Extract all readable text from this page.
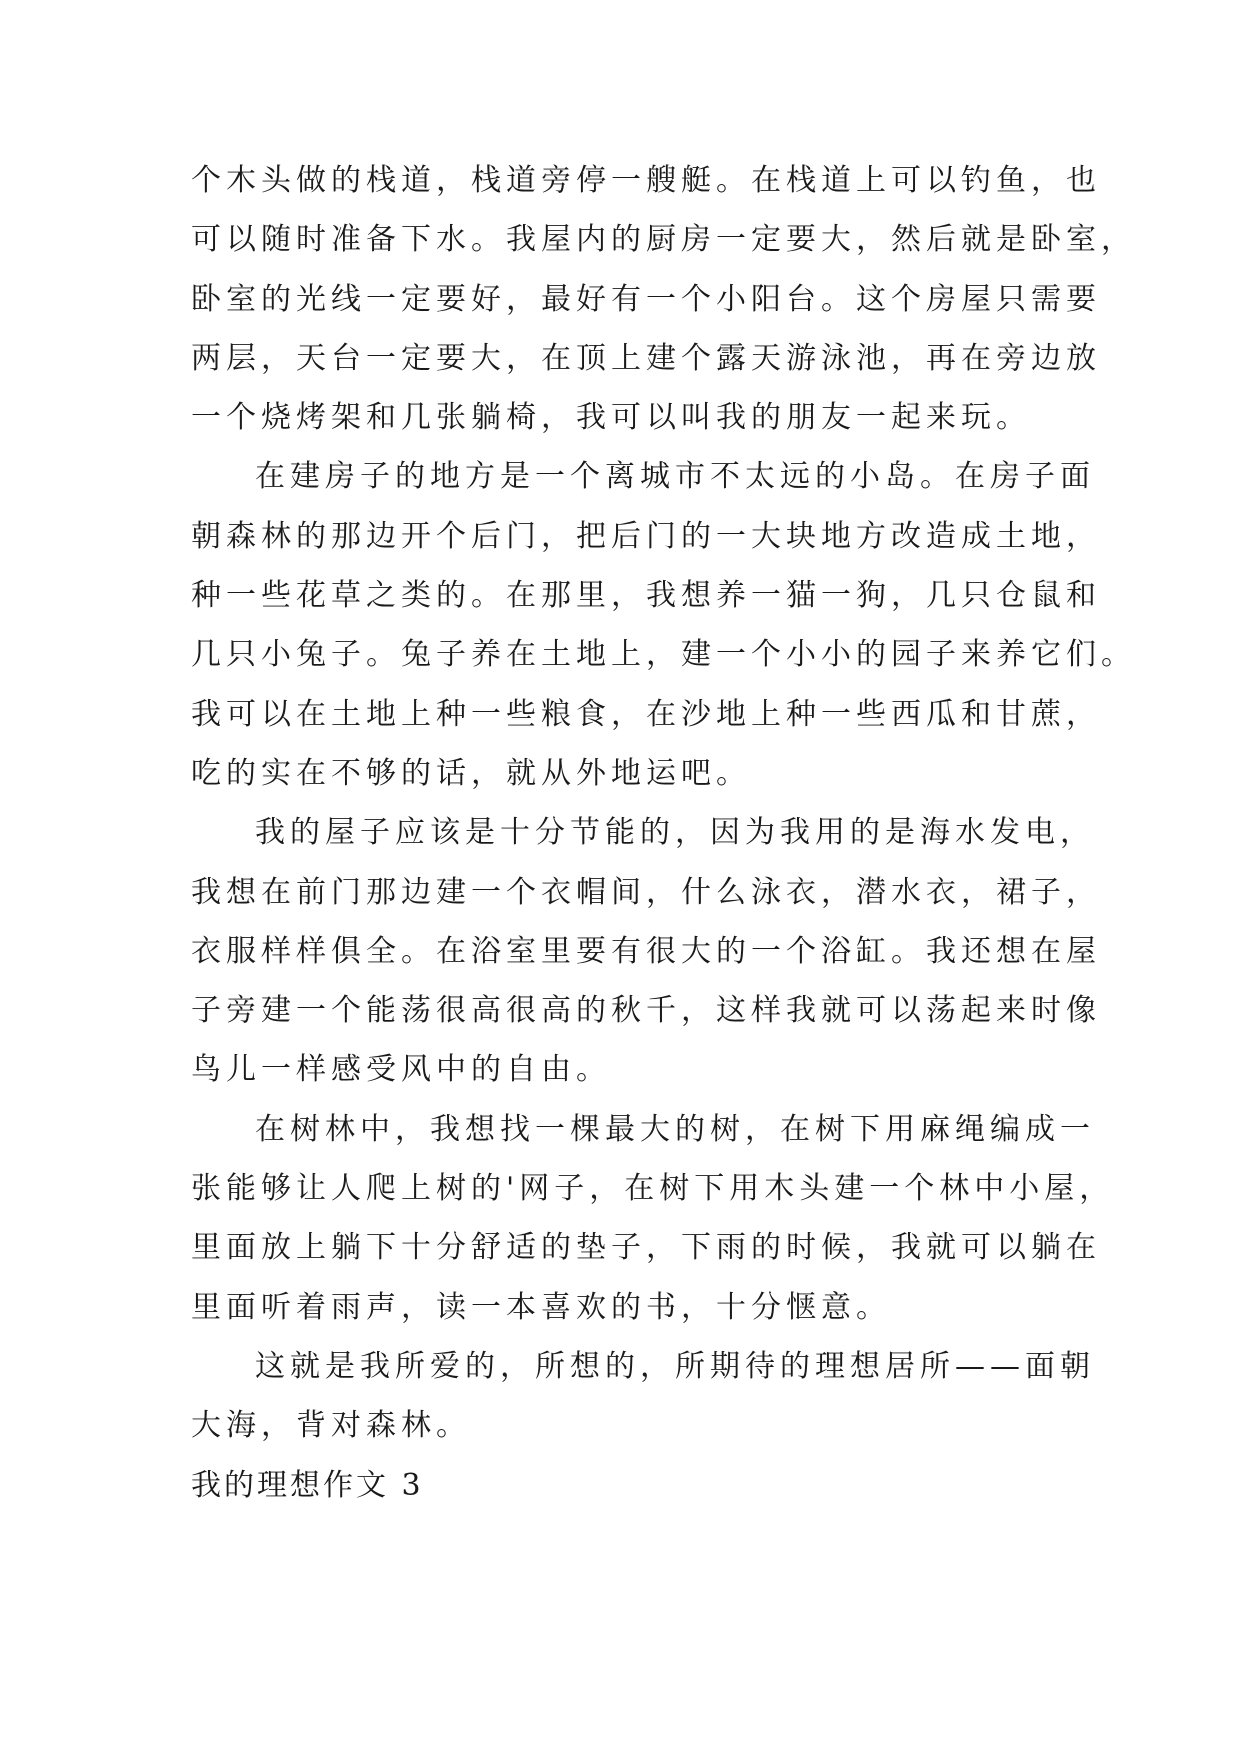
个木头做的栈道，栈道旁停一艘艇。在栈道上可以钓鱼，也
可以随时准备下水。我屋内的厨房一定要大，然后就是卧室，
卧室的光线一定要好，最好有一个小阳台。这个房屋只需要
两层，天台一定要大，在顶上建个露天游泳池，再在旁边放
一个烧烤架和几张躺椅，我可以叫我的朋友一起来玩。
在建房子的地方是一个离城市不太远的小岛。在房子面
朝森林的那边开个后门，把后门的一大块地方改造成土地，
种一些花草之类的。在那里，我想养一猫一狗，几只仓鼠和
几只小兔子。兔子养在土地上，建一个小小的园子来养它们。
我可以在土地上种一些粮食，在沙地上种一些西瓜和甘蔗，
吃的实在不够的话，就从外地运吧。
我的屋子应该是十分节能的，因为我用的是海水发电，
我想在前门那边建一个衣帽间，什么泳衣，潜水衣，裙子，
衣服样样俱全。在浴室里要有很大的一个浴缸。我还想在屋
子旁建一个能荡很高很高的秋千，这样我就可以荡起来时像
鸟儿一样感受风中的自由。
在树林中，我想找一棵最大的树，在树下用麻绳编成一
张能够让人爬上树的'网子，在树下用木头建一个林中小屋，
里面放上躺下十分舒适的垫子，下雨的时候，我就可以躺在
里面听着雨声，读一本喜欢的书，十分惬意。
这就是我所爱的，所想的，所期待的理想居所——面朝
大海，背对森林。
我的理想作文 3
